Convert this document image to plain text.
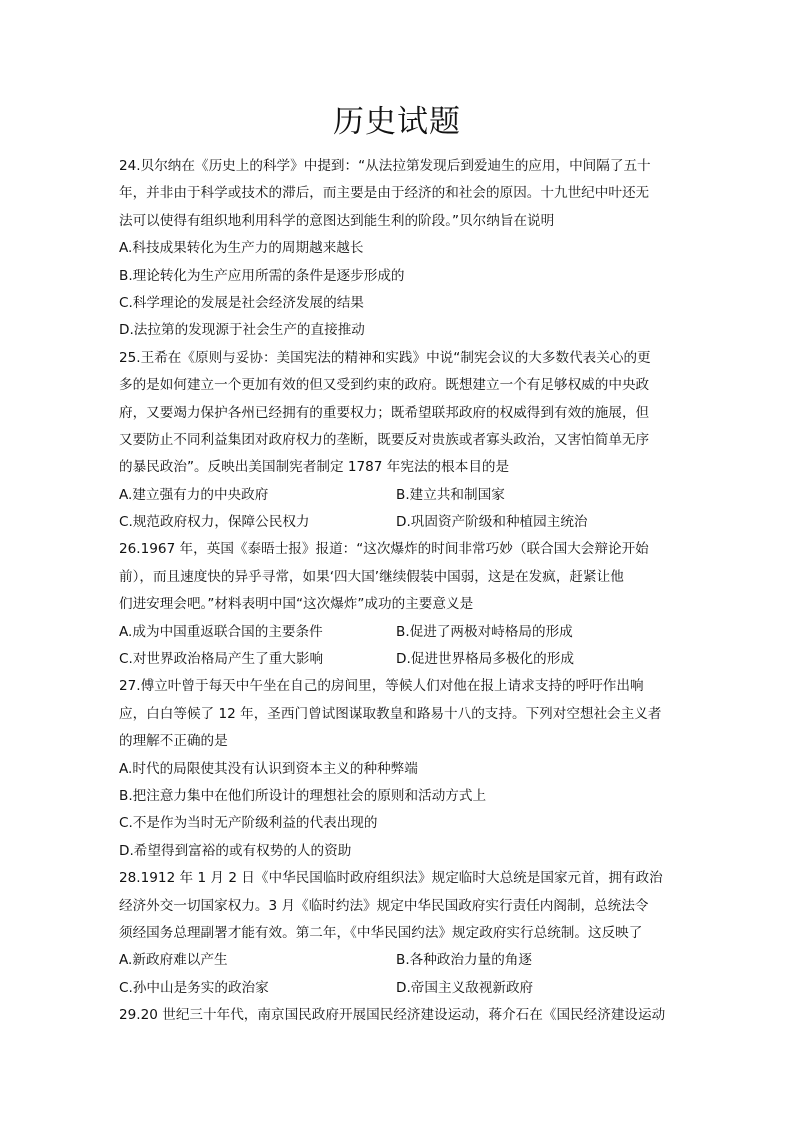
历史试题
24.贝尔纳在《历史上的科学》中提到：“从法拉第发现后到爱迪生的应用，中间隔了五十
年，并非由于科学或技术的滞后，而主要是由于经济的和社会的原因。十九世纪中叶还无
法可以使得有组织地利用科学的意图达到能生利的阶段。”贝尔纳旨在说明
A.科技成果转化为生产力的周期越来越长
B.理论转化为生产应用所需的条件是逐步形成的
C.科学理论的发展是社会经济发展的结果
D.法拉第的发现源于社会生产的直接推动
25.王希在《原则与妥协：美国宪法的精神和实践》中说“制宪会议的大多数代表关心的更
多的是如何建立一个更加有效的但又受到约束的政府。既想建立一个有足够权威的中央政
府，又要竭力保护各州已经拥有的重要权力；既希望联邦政府的权威得到有效的施展，但
又要防止不同利益集团对政府权力的垄断，既要反对贵族或者寡头政治，又害怕简单无序
的暴民政治”。反映出美国制宪者制定 1787 年宪法的根本目的是
A.建立强有力的中央政府	B.建立共和制国家
C.规范政府权力，保障公民权力	D.巩固资产阶级和种植园主统治
26.1967 年，英国《泰晤士报》报道：“这次爆炸的时间非常巧妙（联合国大会辩论开始
前），而且速度快的异乎寻常，如果‘四大国’继续假装中国弱，这是在发疯，赶紧让他
们进安理会吧。”材料表明中国“这次爆炸”成功的主要意义是
A.成为中国重返联合国的主要条件	B.促进了两极对峙格局的形成
C.对世界政治格局产生了重大影响	D.促进世界格局多极化的形成
27.傅立叶曾于每天中午坐在自己的房间里，等候人们对他在报上请求支持的呼吁作出响
应，白白等候了 12 年，圣西门曾试图谋取教皇和路易十八的支持。下列对空想社会主义者
的理解不正确的是
A.时代的局限使其没有认识到资本主义的种种弊端
B.把注意力集中在他们所设计的理想社会的原则和活动方式上
C.不是作为当时无产阶级利益的代表出现的
D.希望得到富裕的或有权势的人的资助
28.1912 年 1 月 2 日《中华民国临时政府组织法》规定临时大总统是国家元首，拥有政治
经济外交一切国家权力。3 月《临时约法》规定中华民国政府实行责任内阁制，总统法令
须经国务总理副署才能有效。第二年，《中华民国约法》规定政府实行总统制。这反映了
A.新政府难以产生	B.各种政治力量的角逐
C.孙中山是务实的政治家	D.帝国主义敌视新政府
29.20 世纪三十年代，南京国民政府开展国民经济建设运动，蒋介石在《国民经济建设运动
